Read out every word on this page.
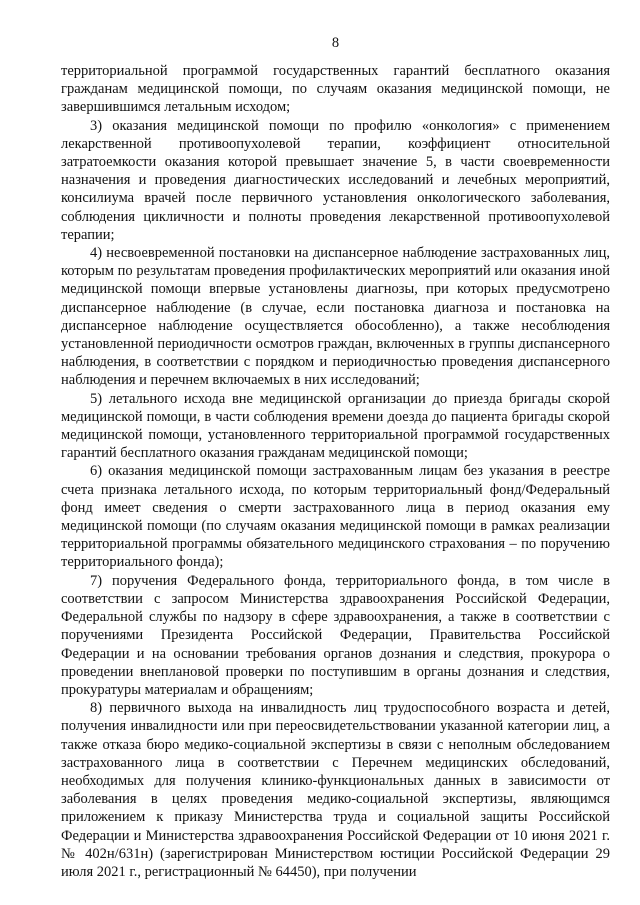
8

территориальной программой государственных гарантий бесплатного оказания гражданам медицинской помощи, по случаям оказания медицинской помощи, не завершившимся летальным исходом;

3) оказания медицинской помощи по профилю «онкология» с применением лекарственной противоопухолевой терапии, коэффициент относительной затратоемкости оказания которой превышает значение 5, в части своевременности назначения и проведения диагностических исследований и лечебных мероприятий, консилиума врачей после первичного установления онкологического заболевания, соблюдения цикличности и полноты проведения лекарственной противоопухолевой терапии;

4) несвоевременной постановки на диспансерное наблюдение застрахованных лиц, которым по результатам проведения профилактических мероприятий или оказания иной медицинской помощи впервые установлены диагнозы, при которых предусмотрено диспансерное наблюдение (в случае, если постановка диагноза и постановка на диспансерное наблюдение осуществляется обособленно), а также несоблюдения установленной периодичности осмотров граждан, включенных в группы диспансерного наблюдения, в соответствии с порядком и периодичностью проведения диспансерного наблюдения и перечнем включаемых в них исследований;

5) летального исхода вне медицинской организации до приезда бригады скорой медицинской помощи, в части соблюдения времени доезда до пациента бригады скорой медицинской помощи, установленного территориальной программой государственных гарантий бесплатного оказания гражданам медицинской помощи;

6) оказания медицинской помощи застрахованным лицам без указания в реестре счета признака летального исхода, по которым территориальный фонд/Федеральный фонд имеет сведения о смерти застрахованного лица в период оказания ему медицинской помощи (по случаям оказания медицинской помощи в рамках реализации территориальной программы обязательного медицинского страхования – по поручению территориального фонда);

7) поручения Федерального фонда, территориального фонда, в том числе в соответствии с запросом Министерства здравоохранения Российской Федерации, Федеральной службы по надзору в сфере здравоохранения, а также в соответствии с поручениями Президента Российской Федерации, Правительства Российской Федерации и на основании требования органов дознания и следствия, прокурора о проведении внеплановой проверки по поступившим в органы дознания и следствия, прокуратуры материалам и обращениям;

8) первичного выхода на инвалидность лиц трудоспособного возраста и детей, получения инвалидности или при переосвидетельствовании указанной категории лиц, а также отказа бюро медико-социальной экспертизы в связи с неполным обследованием застрахованного лица в соответствии с Перечнем медицинских обследований, необходимых для получения клинико-функциональных данных в зависимости от заболевания в целях проведения медико-социальной экспертизы, являющимся приложением к приказу Министерства труда и социальной защиты Российской Федерации и Министерства здравоохранения Российской Федерации от 10 июня 2021 г. № 402н/631н) (зарегистрирован Министерством юстиции Российской Федерации 29 июля 2021 г., регистрационный № 64450), при получении
